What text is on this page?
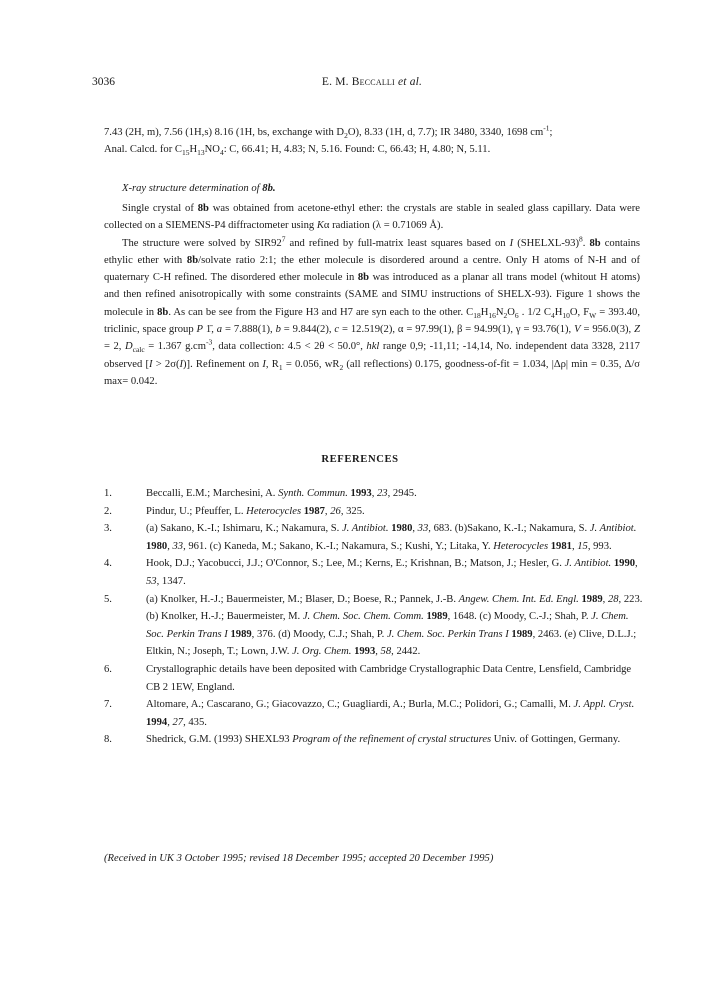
3036	E. M. Beccalli et al.

7.43 (2H, m), 7.56 (1H,s) 8.16 (1H, bs, exchange with $D_2O$), 8.33 (1H, d, 7.7); IR 3480, 3340, 1698 $cm^{-1}$;

Anal. Calcd. for $C_{15}H_{13}NO_4$: C, 66.41; H, 4.83; N, 5.16. Found: C, 66.43; H, 4.80; N, 5.11.

X-ray structure determination of 8b.

Single crystal of 8b was obtained from acetone-ethyl ether: the crystals are stable in sealed glass capillary. Data were collected on a SIEMENS-P4 diffractometer using Kα radiation (λ = 0.71069 Å).

The structure were solved by $SIR92^7$ and refined by full-matrix least squares based on I (SHELXL-93)$^8$. 8b contains ethylic ether with 8b/solvate ratio 2:1; the ether molecule is disordered around a centre. Only H atoms of N-H and of quaternary C-H refined. The disordered ether molecule in 8b was introduced as a planar all trans model (whitout H atoms) and then refined anisotropically with some constraints (SAME and SIMU instructions of SHELX-93). Figure 1 shows the molecule in 8b. As can be see from the Figure H3 and H7 are syn each to the other. $C_{18}H_{16}N_2O_6$ . 1/2 $C_4H_{10}O$, $F_W = 393.40$, triclinic, space group P 1̄, a = 7.888(1), b = 9.844(2), c = 12.519(2), α = 97.99(1), β = 94.99(1), γ = 93.76(1), V = 956.0(3), Z = 2, $D_{calc} = 1.367$ $g.cm^{-3}$, data collection: 4.5 < 2θ < 50.0°, hkl range 0,9; -11,11; -14,14, No. independent data 3328, 2117 observed [I > 2σ(I)]. Refinement on I, $R_1 = 0.056$, $wR_2$ (all reflections) 0.175, goodness-of-fit = 1.034, |Δρ| min = 0.35, Δ/σ max= 0.042.

REFERENCES
1.	Beccalli, E.M.; Marchesini, A. Synth. Commun. 1993, 23, 2945.
2.	Pindur, U.; Pfeuffer, L. Heterocycles 1987, 26, 325.
3.	(a) Sakano, K.-I.; Ishimaru, K.; Nakamura, S. J. Antibiot. 1980, 33, 683. (b)Sakano, K.-I.; Nakamura, S. J. Antibiot. 1980, 33, 961. (c) Kaneda, M.; Sakano, K.-I.; Nakamura, S.; Kushi, Y.; Litaka, Y. Heterocycles 1981, 15, 993.
4.	Hook, D.J.; Yacobucci, J.J.; O'Connor, S.; Lee, M.; Kerns, E.; Krishnan, B.; Matson, J.; Hesler, G. J. Antibiot. 1990, 53, 1347.
5.	(a) Knolker, H.-J.; Bauermeister, M.; Blaser, D.; Boese, R.; Pannek, J.-B. Angew. Chem. Int. Ed. Engl. 1989, 28, 223. (b) Knolker, H.-J.; Bauermeister, M. J. Chem. Soc. Chem. Comm. 1989, 1648. (c) Moody, C.-J.; Shah, P. J. Chem. Soc. Perkin Trans I 1989, 376. (d) Moody, C.J.; Shah, P. J. Chem. Soc. Perkin Trans I 1989, 2463. (e) Clive, D.L.J.; Eltkin, N.; Joseph, T.; Lown, J.W. J. Org. Chem. 1993, 58, 2442.
6.	Crystallographic details have been deposited with Cambridge Crystallographic Data Centre, Lensfield, Cambridge CB 2 1EW, England.
7.	Altomare, A.; Cascarano, G.; Giacovazzo, C.; Guagliardi, A.; Burla, M.C.; Polidori, G.; Camalli, M. J. Appl. Cryst. 1994, 27, 435.
8.	Shedrick, G.M. (1993) SHEXL93 Program of the refinement of crystal structures Univ. of Gottingen, Germany.
(Received in UK 3 October 1995; revised 18 December 1995; accepted 20 December 1995)
